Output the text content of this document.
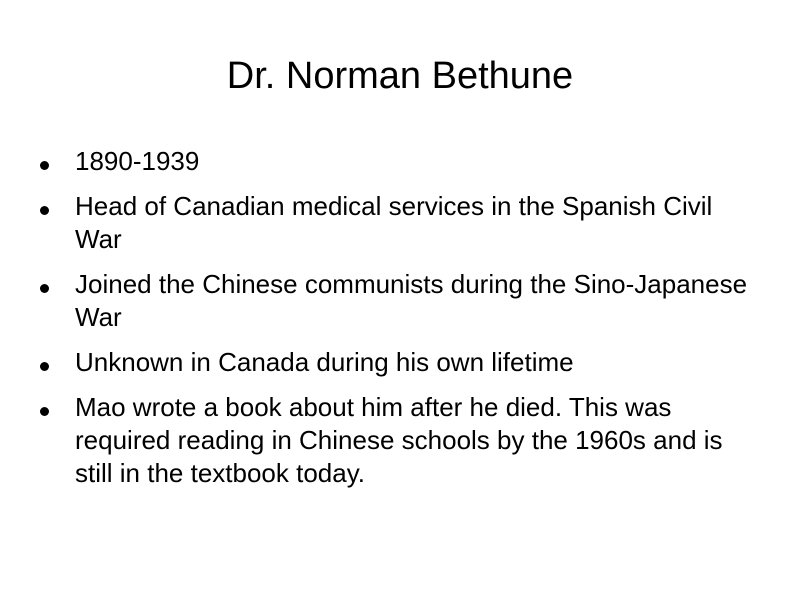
Dr. Norman Bethune
1890-1939
Head of Canadian medical services in the Spanish Civil War
Joined the Chinese communists during the Sino-Japanese War
Unknown in Canada during his own lifetime
Mao wrote a book about him after he died. This was required reading in Chinese schools by the 1960s and is still in the textbook today.
